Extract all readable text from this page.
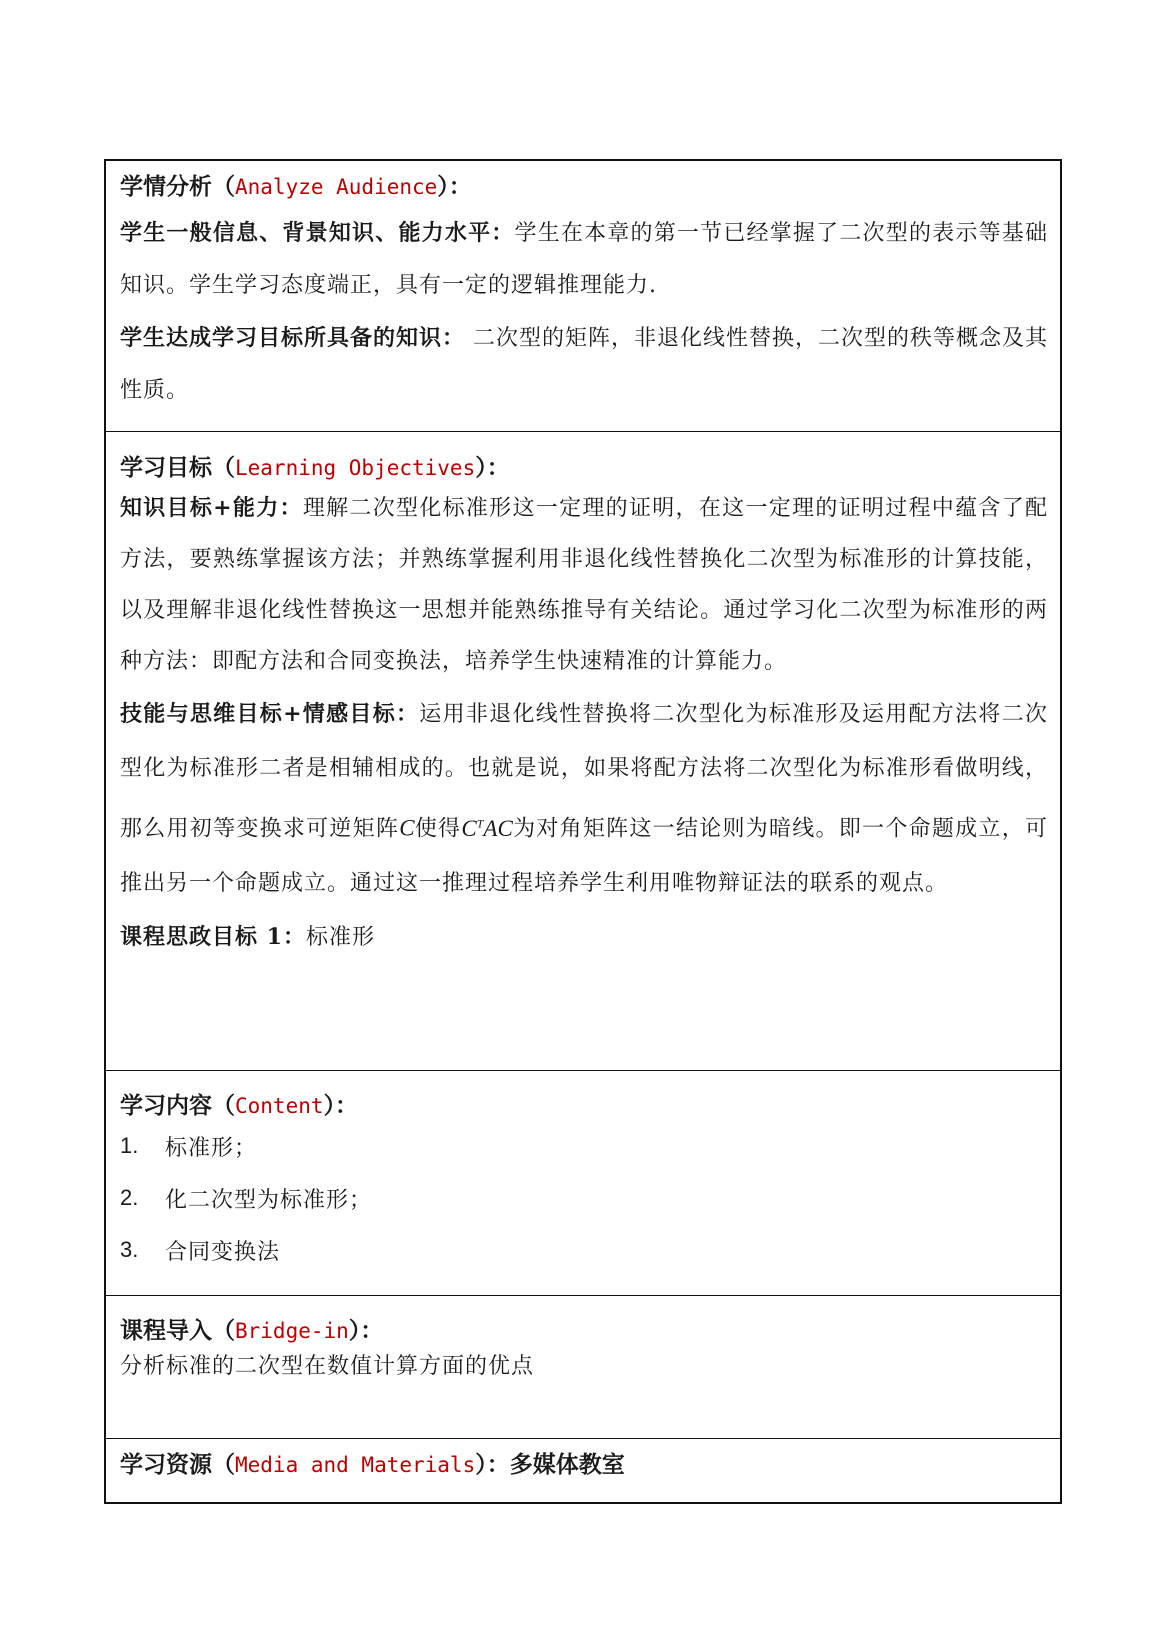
学情分析（Analyze Audience）：
学生一般信息、背景知识、能力水平：学生在本章的第一节已经掌握了二次型的表示等基础知识。学生学习态度端正，具有一定的逻辑推理能力.
学生达成学习目标所具备的知识： 二次型的矩阵，非退化线性替换，二次型的秩等概念及其性质。
学习目标（Learning Objectives）：
知识目标+能力：理解二次型化标准形这一定理的证明，在这一定理的证明过程中蕴含了配方法，要熟练掌握该方法；并熟练掌握利用非退化线性替换化二次型为标准形的计算技能，以及理解非退化线性替换这一思想并能熟练推导有关结论。通过学习化二次型为标准形的两种方法：即配方法和合同变换法，培养学生快速精准的计算能力。
技能与思维目标+情感目标：运用非退化线性替换将二次型化为标准形及运用配方法将二次型化为标准形二者是相辅相成的。也就是说，如果将配方法将二次型化为标准形看做明线，那么用初等变换求可逆矩阵C使得$C^TAC$为对角矩阵这一结论则为暗线。即一个命题成立，可推出另一个命题成立。通过这一推理过程培养学生利用唯物辩证法的联系的观点。
课程思政目标 1：标准形
学习内容（Content）：
1.	标准形；
2.	化二次型为标准形；
3.	合同变换法
课程导入（Bridge-in）：
分析标准的二次型在数值计算方面的优点
学习资源（Media and Materials）：多媒体教室
